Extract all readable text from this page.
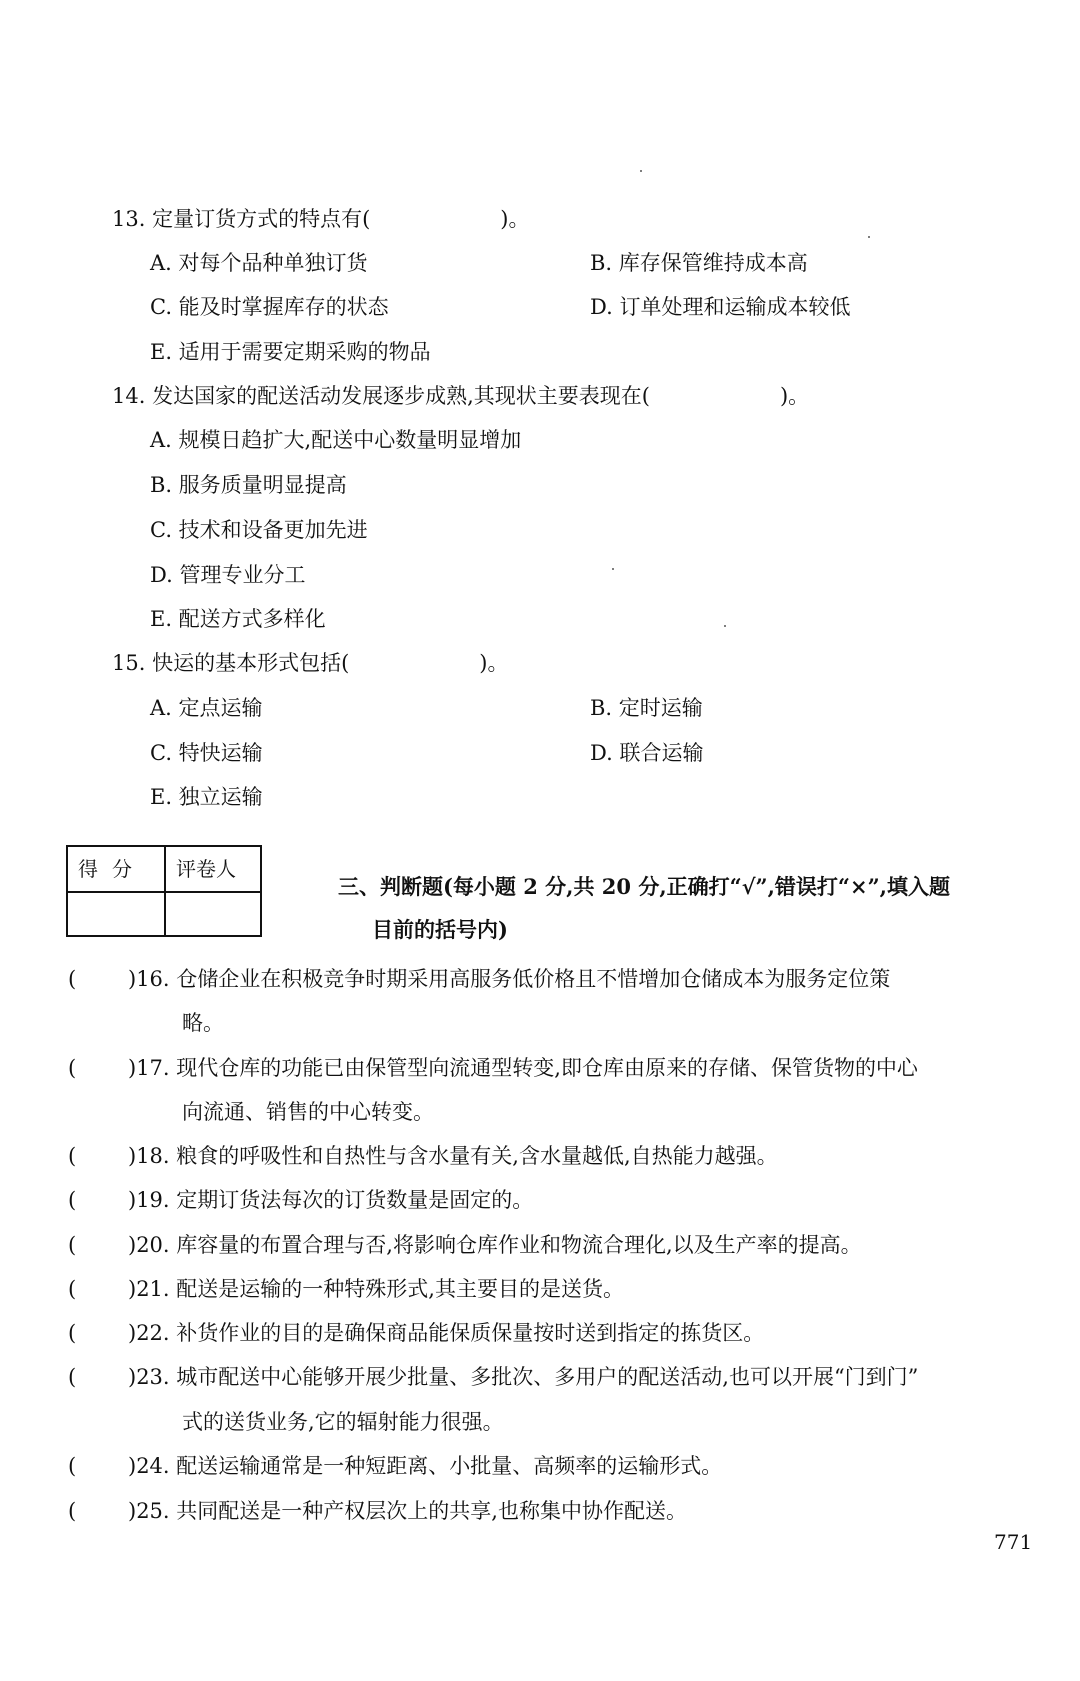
13. 定量订货方式的特点有(	)。
A. 对每个品种单独订货	B. 库存保管维持成本高
C. 能及时掌握库存的状态	D. 订单处理和运输成本较低
E. 适用于需要定期采购的物品
14. 发达国家的配送活动发展逐步成熟,其现状主要表现在(	)。
A. 规模日趋扩大,配送中心数量明显增加
B. 服务质量明显提高
C. 技术和设备更加先进
D. 管理专业分工
E. 配送方式多样化
15. 快运的基本形式包括(	)。
A. 定点运输	B. 定时运输
C. 特快运输	D. 联合运输
E. 独立运输
得分 评卷人
三、判断题(每小题 2 分,共 20 分,正确打“√”,错误打“×”,填入题
目前的括号内)
( )16. 仓储企业在积极竞争时期采用高服务低价格且不惜增加仓储成本为服务定位策
略。
( )17. 现代仓库的功能已由保管型向流通型转变,即仓库由原来的存储、保管货物的中心
向流通、销售的中心转变。
( )18. 粮食的呼吸性和自热性与含水量有关,含水量越低,自热能力越强。
( )19. 定期订货法每次的订货数量是固定的。
( )20. 库容量的布置合理与否,将影响仓库作业和物流合理化,以及生产率的提高。
( )21. 配送是运输的一种特殊形式,其主要目的是送货。
( )22. 补货作业的目的是确保商品能保质保量按时送到指定的拣货区。
( )23. 城市配送中心能够开展少批量、多批次、多用户的配送活动,也可以开展“门到门”
式的送货业务,它的辐射能力很强。
( )24. 配送运输通常是一种短距离、小批量、高频率的运输形式。
( )25. 共同配送是一种产权层次上的共享,也称集中协作配送。
771
